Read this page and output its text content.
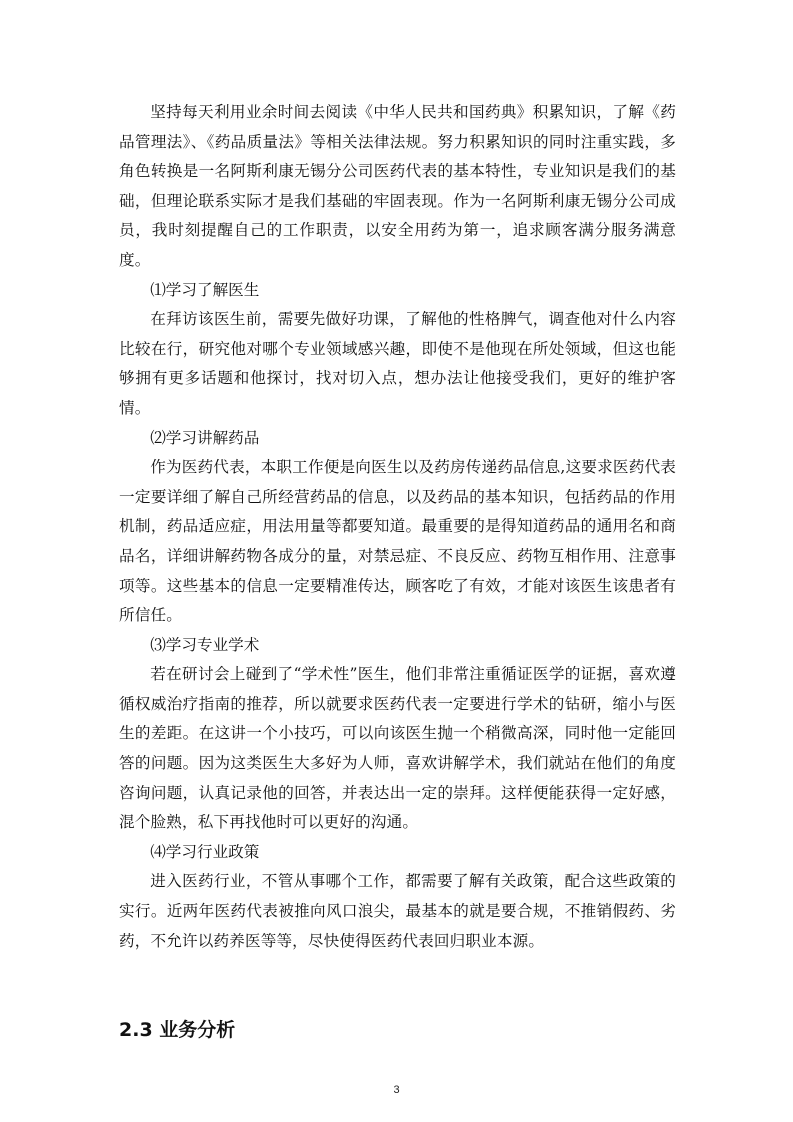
坚持每天利用业余时间去阅读《中华人民共和国药典》积累知识，了解《药品管理法》、《药品质量法》等相关法律法规。努力积累知识的同时注重实践，多角色转换是一名阿斯利康无锡分公司医药代表的基本特性，专业知识是我们的基础，但理论联系实际才是我们基础的牢固表现。作为一名阿斯利康无锡分公司成员，我时刻提醒自己的工作职责，以安全用药为第一，追求顾客满分服务满意度。

⑴学习了解医生

在拜访该医生前，需要先做好功课，了解他的性格脾气，调查他对什么内容比较在行，研究他对哪个专业领域感兴趣，即使不是他现在所处领域，但这也能够拥有更多话题和他探讨，找对切入点，想办法让他接受我们，更好的维护客情。

⑵学习讲解药品

作为医药代表，本职工作便是向医生以及药房传递药品信息,这要求医药代表一定要详细了解自己所经营药品的信息，以及药品的基本知识，包括药品的作用机制，药品适应症，用法用量等都要知道。最重要的是得知道药品的通用名和商品名，详细讲解药物各成分的量，对禁忌症、不良反应、药物互相作用、注意事项等。这些基本的信息一定要精准传达，顾客吃了有效，才能对该医生该患者有所信任。

⑶学习专业学术

若在研讨会上碰到了“学术性”医生，他们非常注重循证医学的证据，喜欢遵循权威治疗指南的推荐，所以就要求医药代表一定要进行学术的钻研，缩小与医生的差距。在这讲一个小技巧，可以向该医生抛一个稍微高深，同时他一定能回答的问题。因为这类医生大多好为人师，喜欢讲解学术，我们就站在他们的角度咨询问题，认真记录他的回答，并表达出一定的崇拜。这样便能获得一定好感，混个脸熟，私下再找他时可以更好的沟通。

⑷学习行业政策

进入医药行业，不管从事哪个工作，都需要了解有关政策，配合这些政策的实行。近两年医药代表被推向风口浪尖，最基本的就是要合规，不推销假药、劣药，不允许以药养医等等，尽快使得医药代表回归职业本源。

2.3 业务分析
3
